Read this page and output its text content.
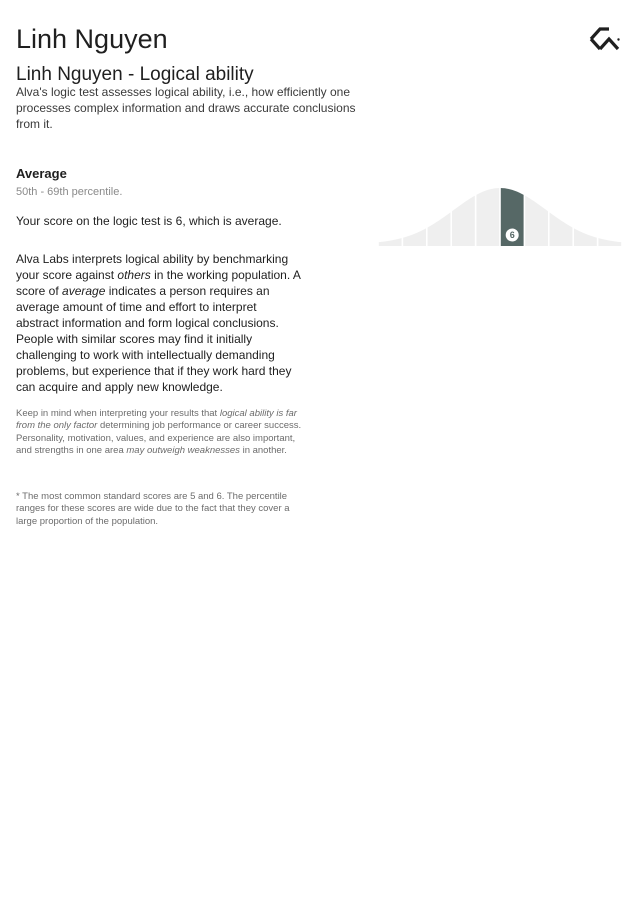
Linh Nguyen
Linh Nguyen - Logical ability

Alva's logic test assesses logical ability, i.e., how efficiently one processes complex information and draws accurate conclusions from it.

Average
50th - 69th percentile.
Your score on the logic test is 6, which is average.

Alva Labs interprets logical ability by benchmarking your score against others in the working population. A score of average indicates a person requires an average amount of time and effort to interpret abstract information and form logical conclusions. People with similar scores may find it initially challenging to work with intellectually demanding problems, but experience that if they work hard they can acquire and apply new knowledge.

Keep in mind when interpreting your results that logical ability is far from the only factor determining job performance or career success. Personality, motivation, values, and experience are also important, and strengths in one area may outweigh weaknesses in another.

* The most common standard scores are 5 and 6. The percentile ranges for these scores are wide due to the fact that they cover a large proportion of the population.

6
